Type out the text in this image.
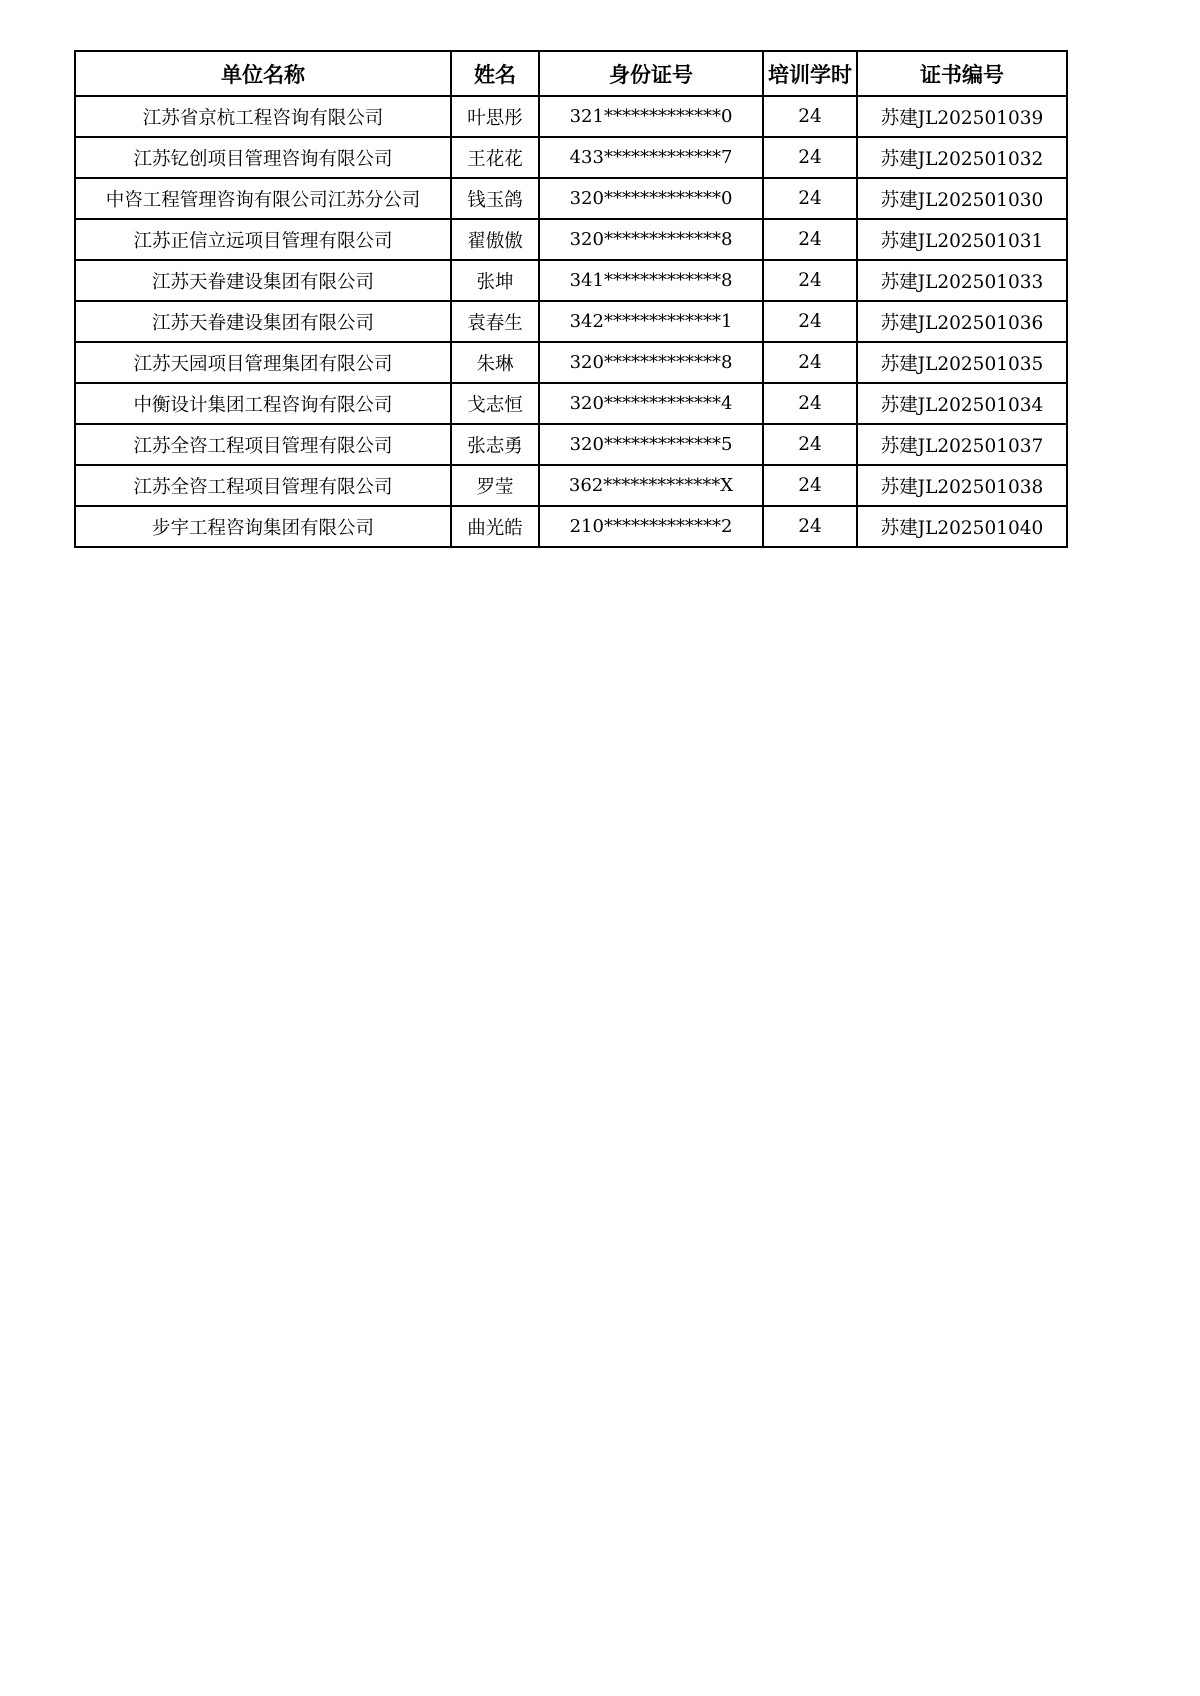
单位名称	姓名	身份证号	培训学时	证书编号
江苏省京杭工程咨询有限公司	叶思彤	321*************0	24	苏建JL202501039
江苏钇创项目管理咨询有限公司	王花花	433*************7	24	苏建JL202501032
中咨工程管理咨询有限公司江苏分公司	钱玉鸽	320*************0	24	苏建JL202501030
江苏正信立远项目管理有限公司	翟傲傲	320*************8	24	苏建JL202501031
江苏天眷建设集团有限公司	张坤	341*************8	24	苏建JL202501033
江苏天眷建设集团有限公司	袁春生	342*************1	24	苏建JL202501036
江苏天园项目管理集团有限公司	朱琳	320*************8	24	苏建JL202501035
中衡设计集团工程咨询有限公司	戈志恒	320*************4	24	苏建JL202501034
江苏全咨工程项目管理有限公司	张志勇	320*************5	24	苏建JL202501037
江苏全咨工程项目管理有限公司	罗莹	362*************X	24	苏建JL202501038
步宇工程咨询集团有限公司	曲光皓	210*************2	24	苏建JL202501040
